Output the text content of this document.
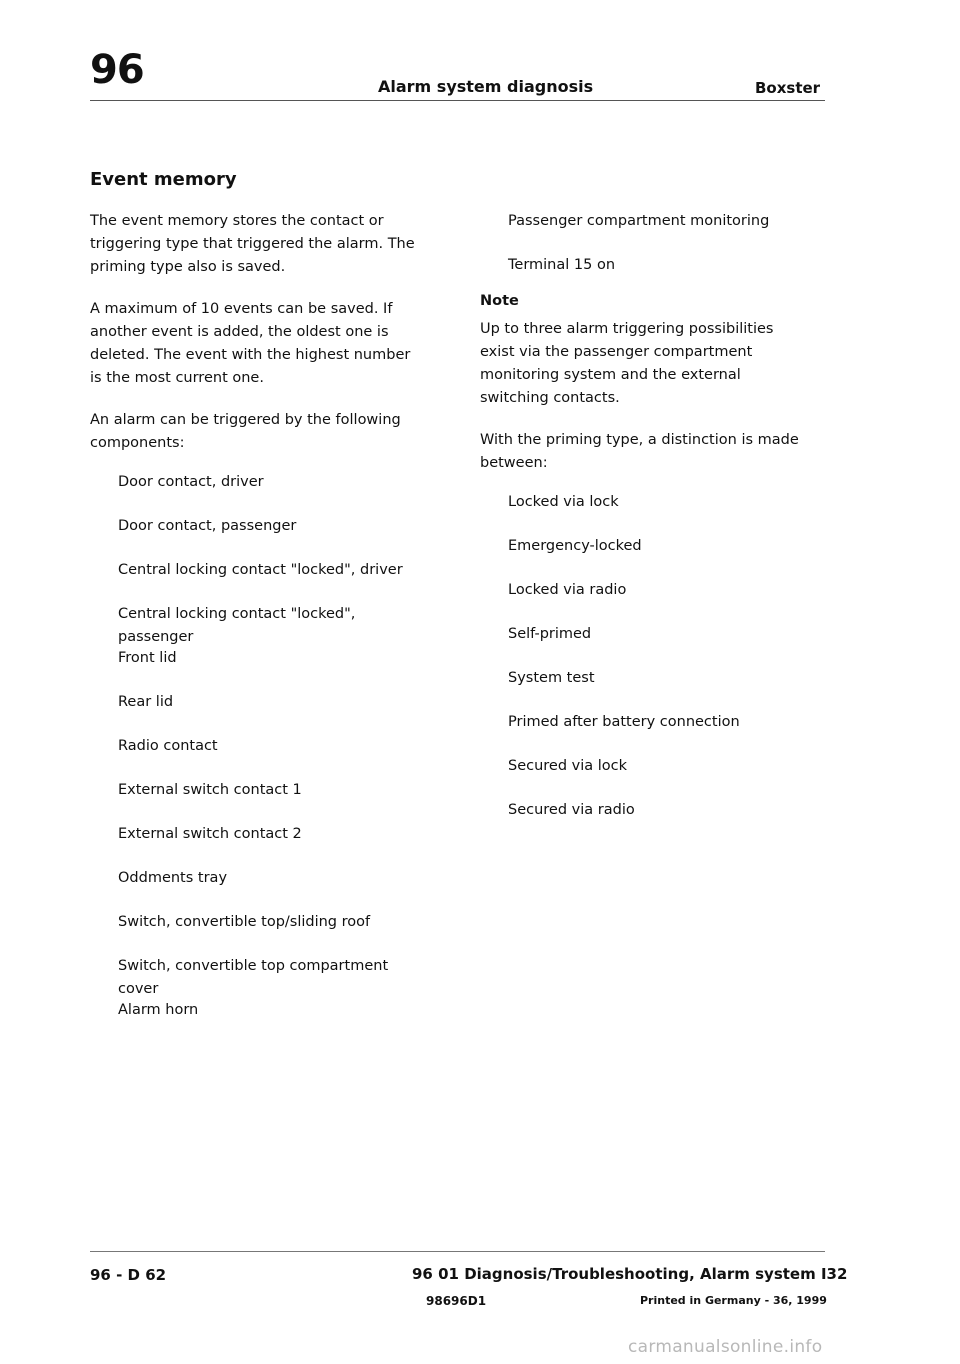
96	Alarm system diagnosis	Boxster
Event memory

The event memory stores the contact or triggering type that triggered the alarm. The priming type also is saved.

A maximum of 10 events can be saved. If another event is added, the oldest one is deleted. The event with the highest number is the most current one.

An alarm can be triggered by the following components:

Door contact, driver
Door contact, passenger
Central locking contact "locked", driver
Central locking contact "locked", passenger
Front lid
Rear lid
Radio contact
External switch contact 1
External switch contact 2
Oddments tray
Switch, convertible top/sliding roof
Switch, convertible top compartment cover
Alarm horn
Passenger compartment monitoring
Terminal 15 on

Note

Up to three alarm triggering possibilities exist via the passenger compartment monitoring system and the external switching contacts.

With the priming type, a distinction is made between:

Locked via lock
Emergency-locked
Locked via radio
Self-primed
System test
Primed after battery connection
Secured via lock
Secured via radio
96 - D 62	96 01 Diagnosis/Troubleshooting, Alarm system I32
98696D1	Printed in Germany - 36, 1999
carmanualsonline.info
